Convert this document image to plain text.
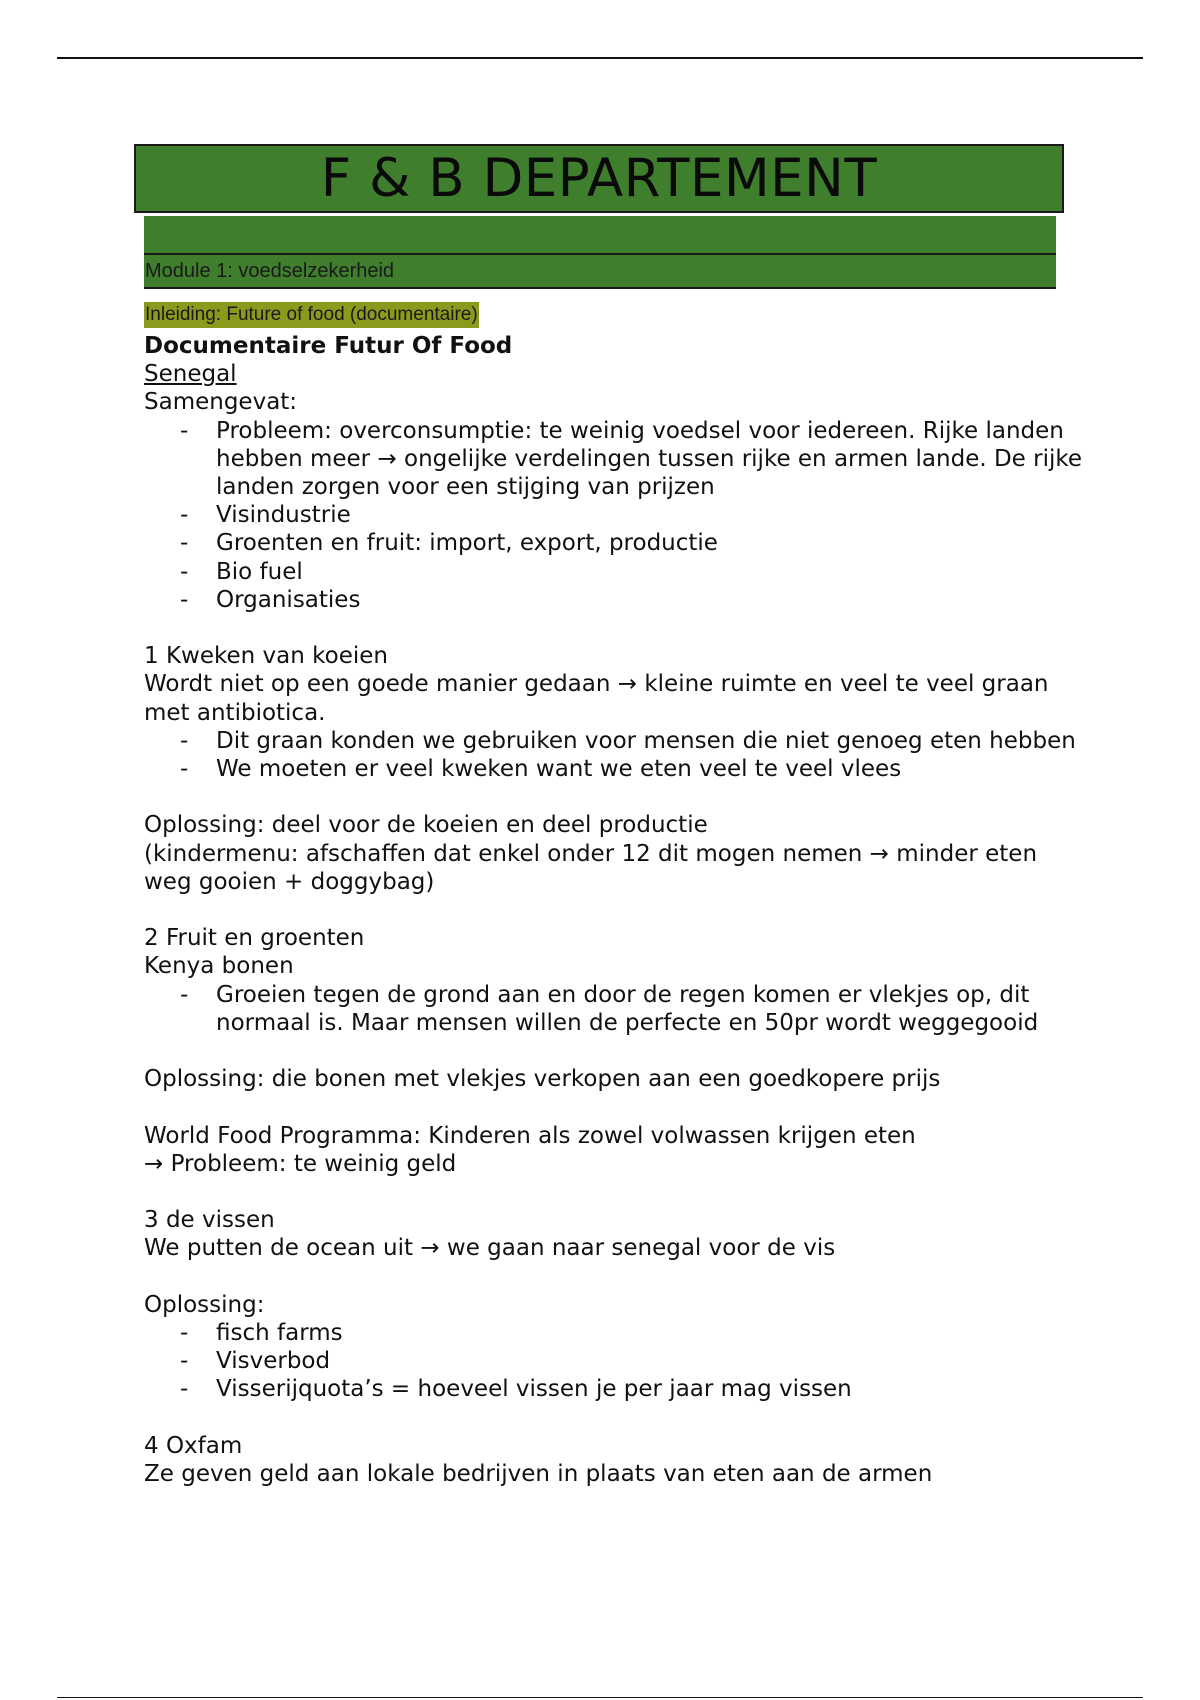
F & B DEPARTEMENT
Module 1: voedselzekerheid
Inleiding: Future of food (documentaire)

Documentaire Futur Of Food

Senegal

Samengevat:

- Probleem: overconsumptie: te weinig voedsel voor iedereen. Rijke landen hebben meer → ongelijke verdelingen tussen rijke en armen lande. De rijke landen zorgen voor een stijging van prijzen
- Visindustrie
- Groenten en fruit: import, export, productie
- Bio fuel
- Organisaties

1 Kweken van koeien

Wordt niet op een goede manier gedaan → kleine ruimte en veel te veel graan met antibiotica.

- Dit graan konden we gebruiken voor mensen die niet genoeg eten hebben
- We moeten er veel kweken want we eten veel te veel vlees

Oplossing: deel voor de koeien en deel productie

(kindermenu: afschaffen dat enkel onder 12 dit mogen nemen → minder eten weg gooien + doggybag)

2 Fruit en groenten

Kenya bonen

- Groeien tegen de grond aan en door de regen komen er vlekjes op, dit normaal is. Maar mensen willen de perfecte en 50pr wordt weggegooid

Oplossing: die bonen met vlekjes verkopen aan een goedkopere prijs

World Food Programma: Kinderen als zowel volwassen krijgen eten

→ Probleem: te weinig geld

3 de vissen

We putten de ocean uit → we gaan naar senegal voor de vis

Oplossing:

- fisch farms
- Visverbod
- Visserijquota’s = hoeveel vissen je per jaar mag vissen

4 Oxfam

Ze geven geld aan lokale bedrijven in plaats van eten aan de armen
